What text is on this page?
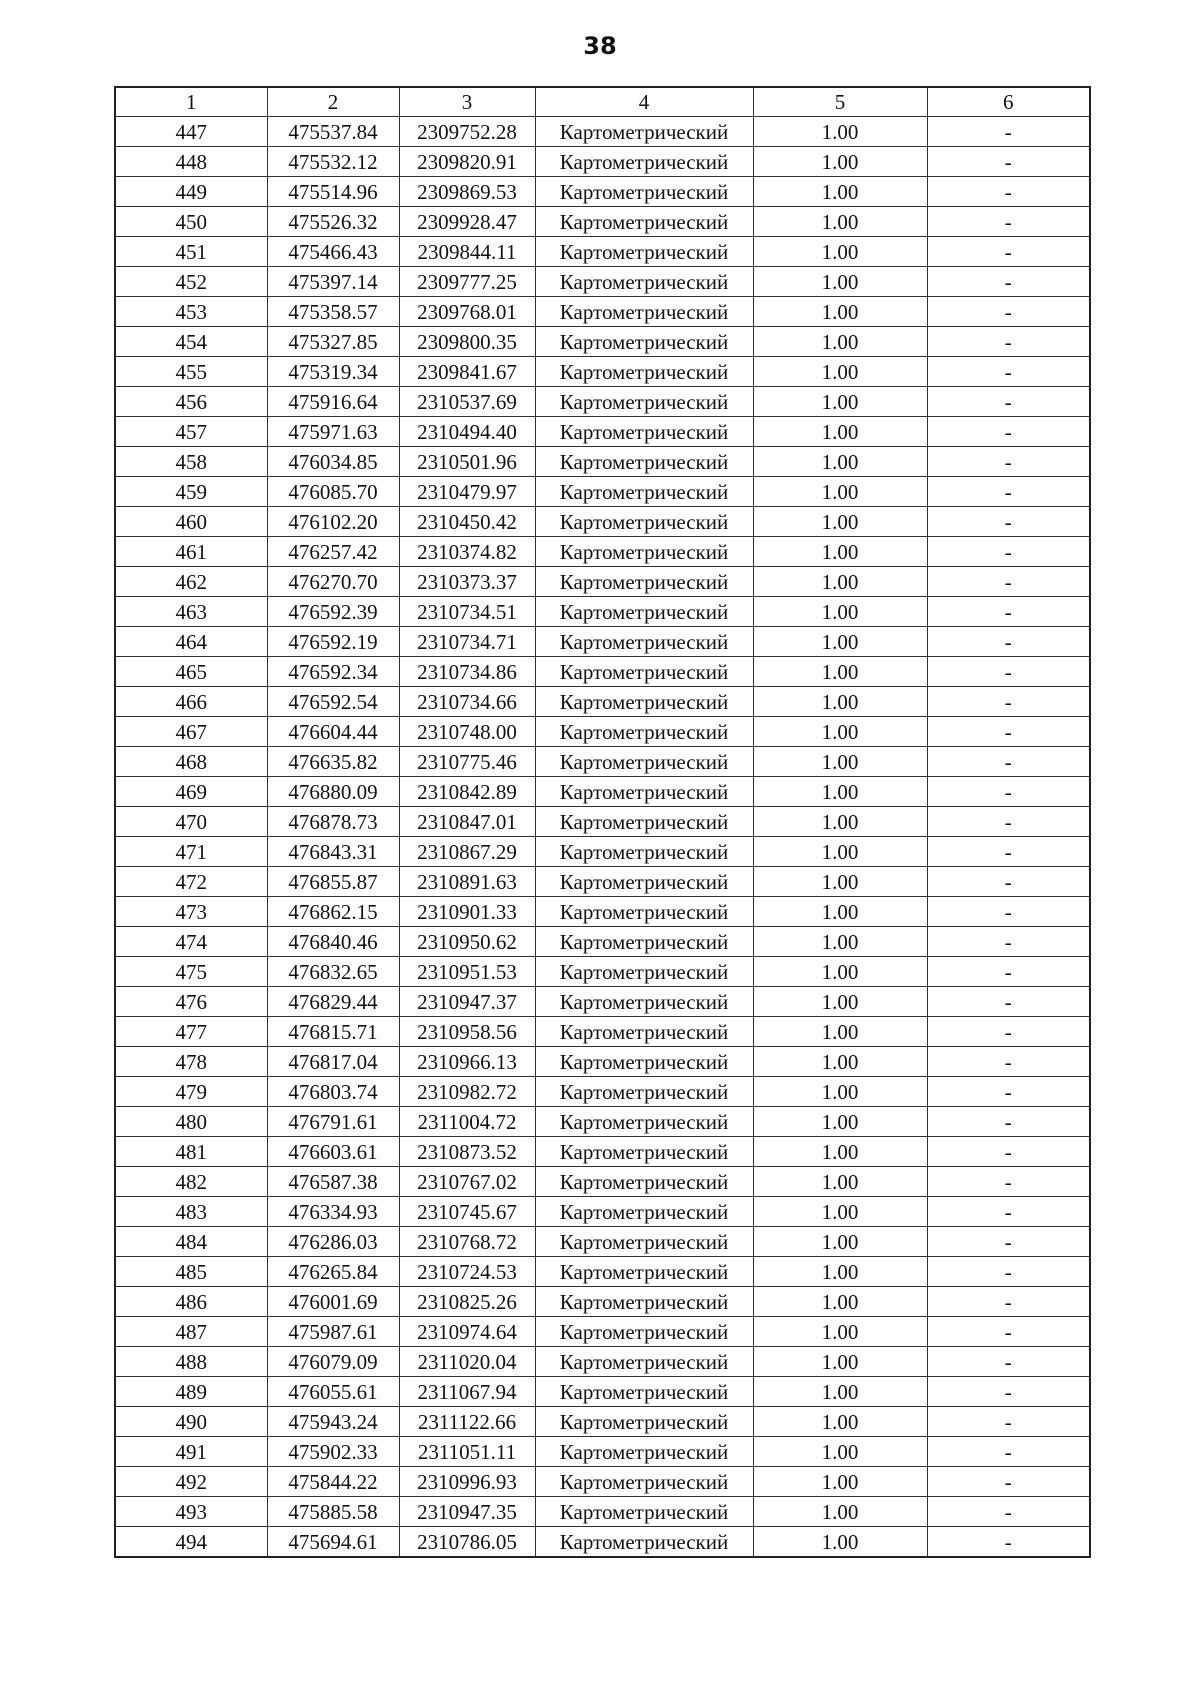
38
1	2	3	4	5	6
447	475537.84	2309752.28	Картометрический	1.00	-
448	475532.12	2309820.91	Картометрический	1.00	-
449	475514.96	2309869.53	Картометрический	1.00	-
450	475526.32	2309928.47	Картометрический	1.00	-
451	475466.43	2309844.11	Картометрический	1.00	-
452	475397.14	2309777.25	Картометрический	1.00	-
453	475358.57	2309768.01	Картометрический	1.00	-
454	475327.85	2309800.35	Картометрический	1.00	-
455	475319.34	2309841.67	Картометрический	1.00	-
456	475916.64	2310537.69	Картометрический	1.00	-
457	475971.63	2310494.40	Картометрический	1.00	-
458	476034.85	2310501.96	Картометрический	1.00	-
459	476085.70	2310479.97	Картометрический	1.00	-
460	476102.20	2310450.42	Картометрический	1.00	-
461	476257.42	2310374.82	Картометрический	1.00	-
462	476270.70	2310373.37	Картометрический	1.00	-
463	476592.39	2310734.51	Картометрический	1.00	-
464	476592.19	2310734.71	Картометрический	1.00	-
465	476592.34	2310734.86	Картометрический	1.00	-
466	476592.54	2310734.66	Картометрический	1.00	-
467	476604.44	2310748.00	Картометрический	1.00	-
468	476635.82	2310775.46	Картометрический	1.00	-
469	476880.09	2310842.89	Картометрический	1.00	-
470	476878.73	2310847.01	Картометрический	1.00	-
471	476843.31	2310867.29	Картометрический	1.00	-
472	476855.87	2310891.63	Картометрический	1.00	-
473	476862.15	2310901.33	Картометрический	1.00	-
474	476840.46	2310950.62	Картометрический	1.00	-
475	476832.65	2310951.53	Картометрический	1.00	-
476	476829.44	2310947.37	Картометрический	1.00	-
477	476815.71	2310958.56	Картометрический	1.00	-
478	476817.04	2310966.13	Картометрический	1.00	-
479	476803.74	2310982.72	Картометрический	1.00	-
480	476791.61	2311004.72	Картометрический	1.00	-
481	476603.61	2310873.52	Картометрический	1.00	-
482	476587.38	2310767.02	Картометрический	1.00	-
483	476334.93	2310745.67	Картометрический	1.00	-
484	476286.03	2310768.72	Картометрический	1.00	-
485	476265.84	2310724.53	Картометрический	1.00	-
486	476001.69	2310825.26	Картометрический	1.00	-
487	475987.61	2310974.64	Картометрический	1.00	-
488	476079.09	2311020.04	Картометрический	1.00	-
489	476055.61	2311067.94	Картометрический	1.00	-
490	475943.24	2311122.66	Картометрический	1.00	-
491	475902.33	2311051.11	Картометрический	1.00	-
492	475844.22	2310996.93	Картометрический	1.00	-
493	475885.58	2310947.35	Картометрический	1.00	-
494	475694.61	2310786.05	Картометрический	1.00	-
